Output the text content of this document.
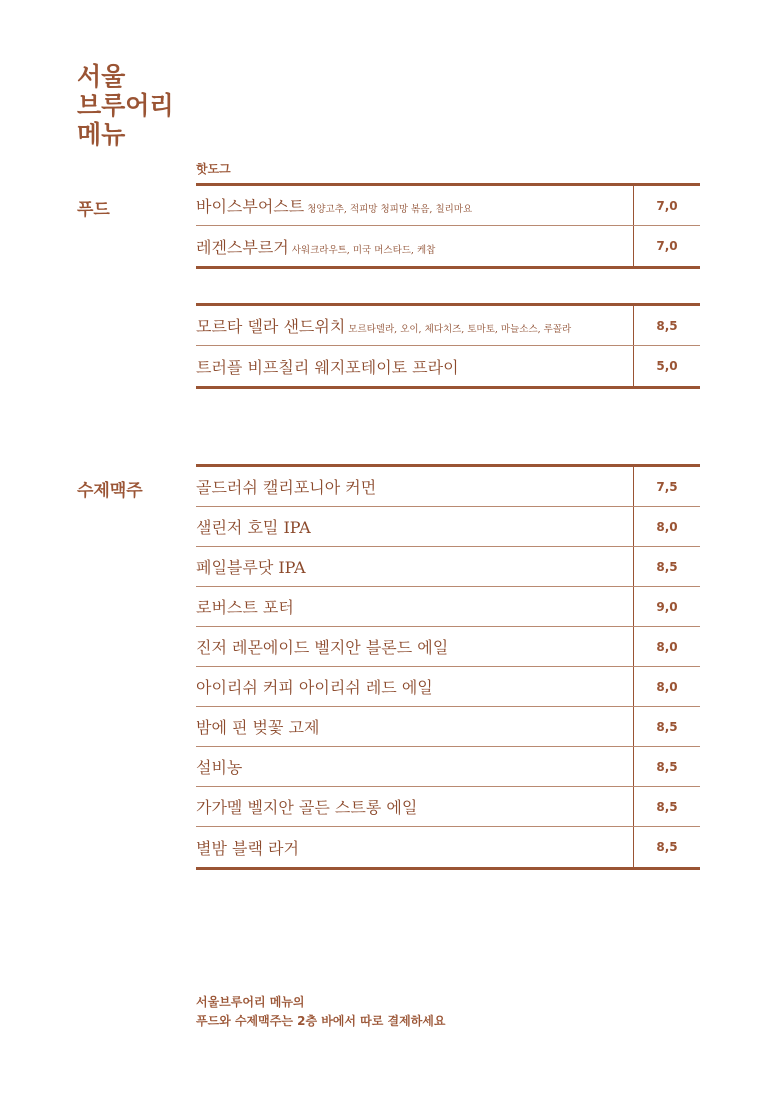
서울
브루어리
메뉴
푸드
핫도그
바이스부어스트 청양고추, 적피망 청피망 볶음, 칠리마요	7,0
레겐스부르거 사워크라우트, 미국 머스타드, 케찹	7,0
모르타 델라 샌드위치 모르타델라, 오이, 체다치즈, 토마토, 마늘소스, 루꼴라	8,5
트러플 비프칠리 웨지포테이토 프라이	5,0
수제맥주	골드러쉬 캘리포니아 커먼	7,5
샐린저 호밀 IPA	8,0
페일블루닷 IPA	8,5
로버스트 포터	9,0
진저 레몬에이드 벨지안 블론드 에일	8,0
아이리쉬 커피 아이리쉬 레드 에일	8,0
밤에 핀 벚꽃 고제	8,5
설비농	8,5
가가멜 벨지안 골든 스트롱 에일	8,5
별밤 블랙 라거	8,5
서울브루어리 메뉴의
푸드와 수제맥주는 2층 바에서 따로 결제하세요
